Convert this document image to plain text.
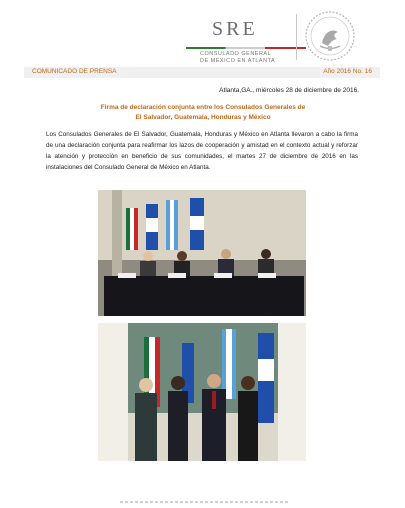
SRE
CONSULADO GENERAL
DE MÉXICO EN ATLANTA
COMUNICADO DE PRENSA	Año 2016 No. 16
Atlanta,GA., miércoles 28 de diciembre de 2016.
Firma de declaración conjunta entre los Consulados Generales de
El Salvador, Guatemala, Honduras y México

Los Consulados Generales de El Salvador, Guatemala, Honduras y México en Atlanta llevaron a cabo la firma de una declaración conjunta para reafirmar los lazos de cooperación y amistad en el contexto actual y reforzar la atención y protección en beneficio de sus comunidades, el martes 27 de diciembre de 2016 en las instalaciones del Consulado General de México en Atlanta.
